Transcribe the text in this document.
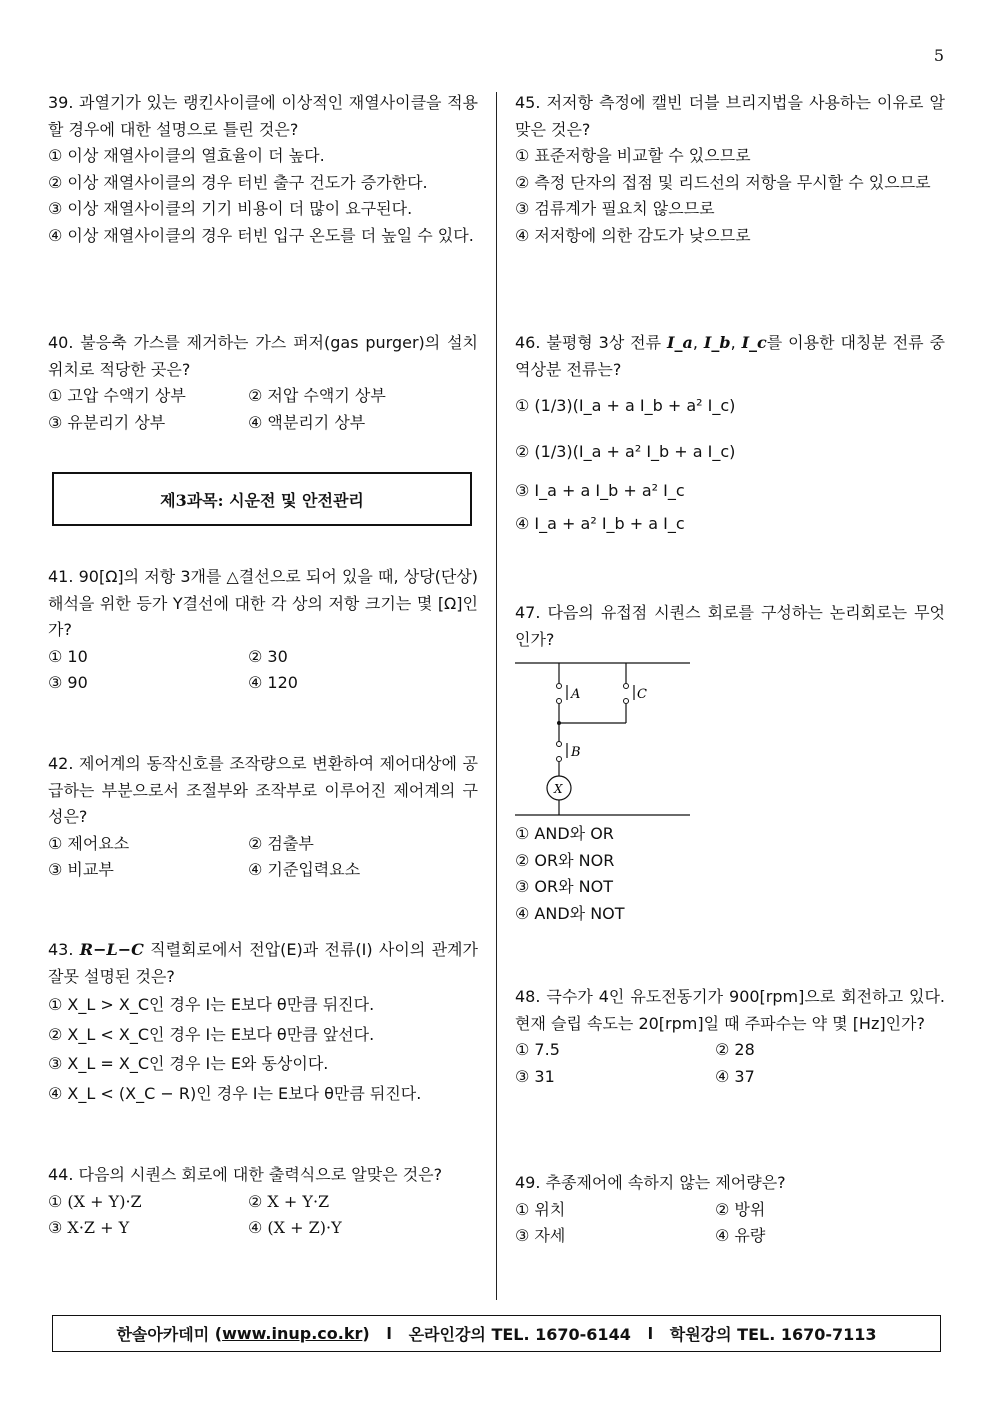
5
39. 과열기가 있는 랭킨사이클에 이상적인 재열사이클을 적용할 경우에 대한 설명으로 틀린 것은?
① 이상 재열사이클의 열효율이 더 높다.
② 이상 재열사이클의 경우 터빈 출구 건도가 증가한다.
③ 이상 재열사이클의 기기 비용이 더 많이 요구된다.
④ 이상 재열사이클의 경우 터빈 입구 온도를 더 높일 수 있다.
40. 불응축 가스를 제거하는 가스 퍼저(gas purger)의 설치 위치로 적당한 곳은?
① 고압 수액기 상부	② 저압 수액기 상부
③ 유분리기 상부	④ 액분리기 상부
제3과목: 시운전 및 안전관리
41. 90[Ω]의 저항 3개를 △결선으로 되어 있을 때, 상당(단상) 해석을 위한 등가 Y결선에 대한 각 상의 저항 크기는 몇 [Ω]인가?
① 10	② 30
③ 90	④ 120
42. 제어계의 동작신호를 조작량으로 변환하여 제어대상에 공급하는 부분으로서 조절부와 조작부로 이루어진 제어계의 구성은?
① 제어요소	② 검출부
③ 비교부	④ 기준입력요소
43. R−L−C 직렬회로에서 전압(E)과 전류(I) 사이의 관계가 잘못 설명된 것은?
① X_L > X_C인 경우 I는 E보다 θ만큼 뒤진다.
② X_L < X_C인 경우 I는 E보다 θ만큼 앞선다.
③ X_L = X_C인 경우 I는 E와 동상이다.
④ X_L < (X_C − R)인 경우 I는 E보다 θ만큼 뒤진다.
44. 다음의 시퀀스 회로에 대한 출력식으로 알맞은 것은?
① (X + Y)·Z	② X + Y·Z
③ X·Z + Y	④ (X + Z)·Y
45. 저저항 측정에 캘빈 더블 브리지법을 사용하는 이유로 알맞은 것은?
① 표준저항을 비교할 수 있으므로
② 측정 단자의 접점 및 리드선의 저항을 무시할 수 있으므로
③ 검류계가 필요치 않으므로
④ 저저항에 의한 감도가 낮으므로
46. 불평형 3상 전류 I_a, I_b, I_c를 이용한 대칭분 전류 중 역상분 전류는?
① (1/3)(I_a + a I_b + a² I_c)
② (1/3)(I_a + a² I_b + a I_c)
③ I_a + a I_b + a² I_c
④ I_a + a² I_b + a I_c
47. 다음의 유접점 시퀀스 회로를 구성하는 논리회로는 무엇인가?
A	C
B
X
① AND와 OR
② OR와 NOR
③ OR와 NOT
④ AND와 NOT
48. 극수가 4인 유도전동기가 900[rpm]으로 회전하고 있다. 현재 슬립 속도는 20[rpm]일 때 주파수는 약 몇 [Hz]인가?
① 7.5	② 28
③ 31	④ 37
49. 추종제어에 속하지 않는 제어량은?
① 위치	② 방위
③ 자세	④ 유량
한솔아카데미 ( www.inup.co.kr ) l
온라인강의 TEL. 1670-6144
l
학원강의 TEL. 1670-7113
